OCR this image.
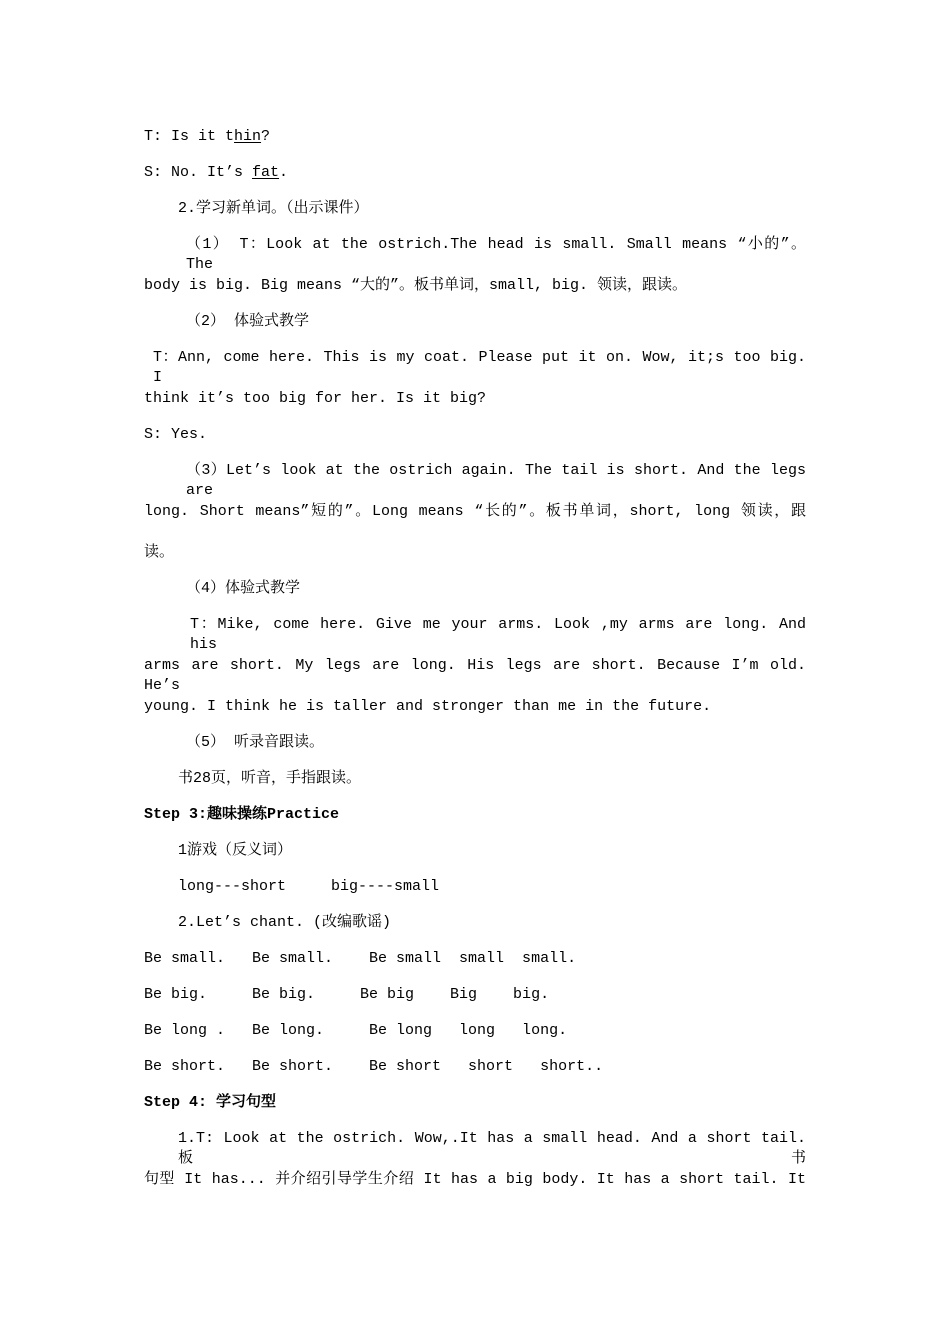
T: Is it thin?
S: No. It’s fat.
2.学习新单词。（出示课件）
（1） T：Look at the ostrich.The head is small. Small means “小的”。 The
body is big. Big means “大的”。板书单词，small, big. 领读，跟读。
（2） 体验式教学
T：Ann, come here. This is my coat. Please put it on. Wow, it;s too big. I
think it’s too big for her. Is it big?
S: Yes.
（3）Let’s look at the ostrich again. The tail is short. And the legs are
long. Short means”短的”。Long means “长的”。板书单词，short, long 领读，跟
读。
（4）体验式教学
T：Mike, come here. Give me your arms. Look ,my arms are long. And his
arms are short. My legs are long. His legs are short. Because I’m old. He’s
young. I think he is taller and stronger than me in the future.
（5） 听录音跟读。
书28页，听音，手指跟读。
Step 3:趣味操练Practice
1游戏（反义词）
long---short     big----small
2.Let’s chant. (改编歌谣)
Be small.   Be small.    Be small  small  small.
Be big.     Be big.     Be big    Big    big.
Be long .   Be long.     Be long   long   long.
Be short.   Be short.    Be short   short   short..
Step 4: 学习句型
1.T: Look at the ostrich. Wow,.It has a small head. And a short tail. 板书
句型 It has... 并介绍引导学生介绍 It has a big body. It has a short tail. It
